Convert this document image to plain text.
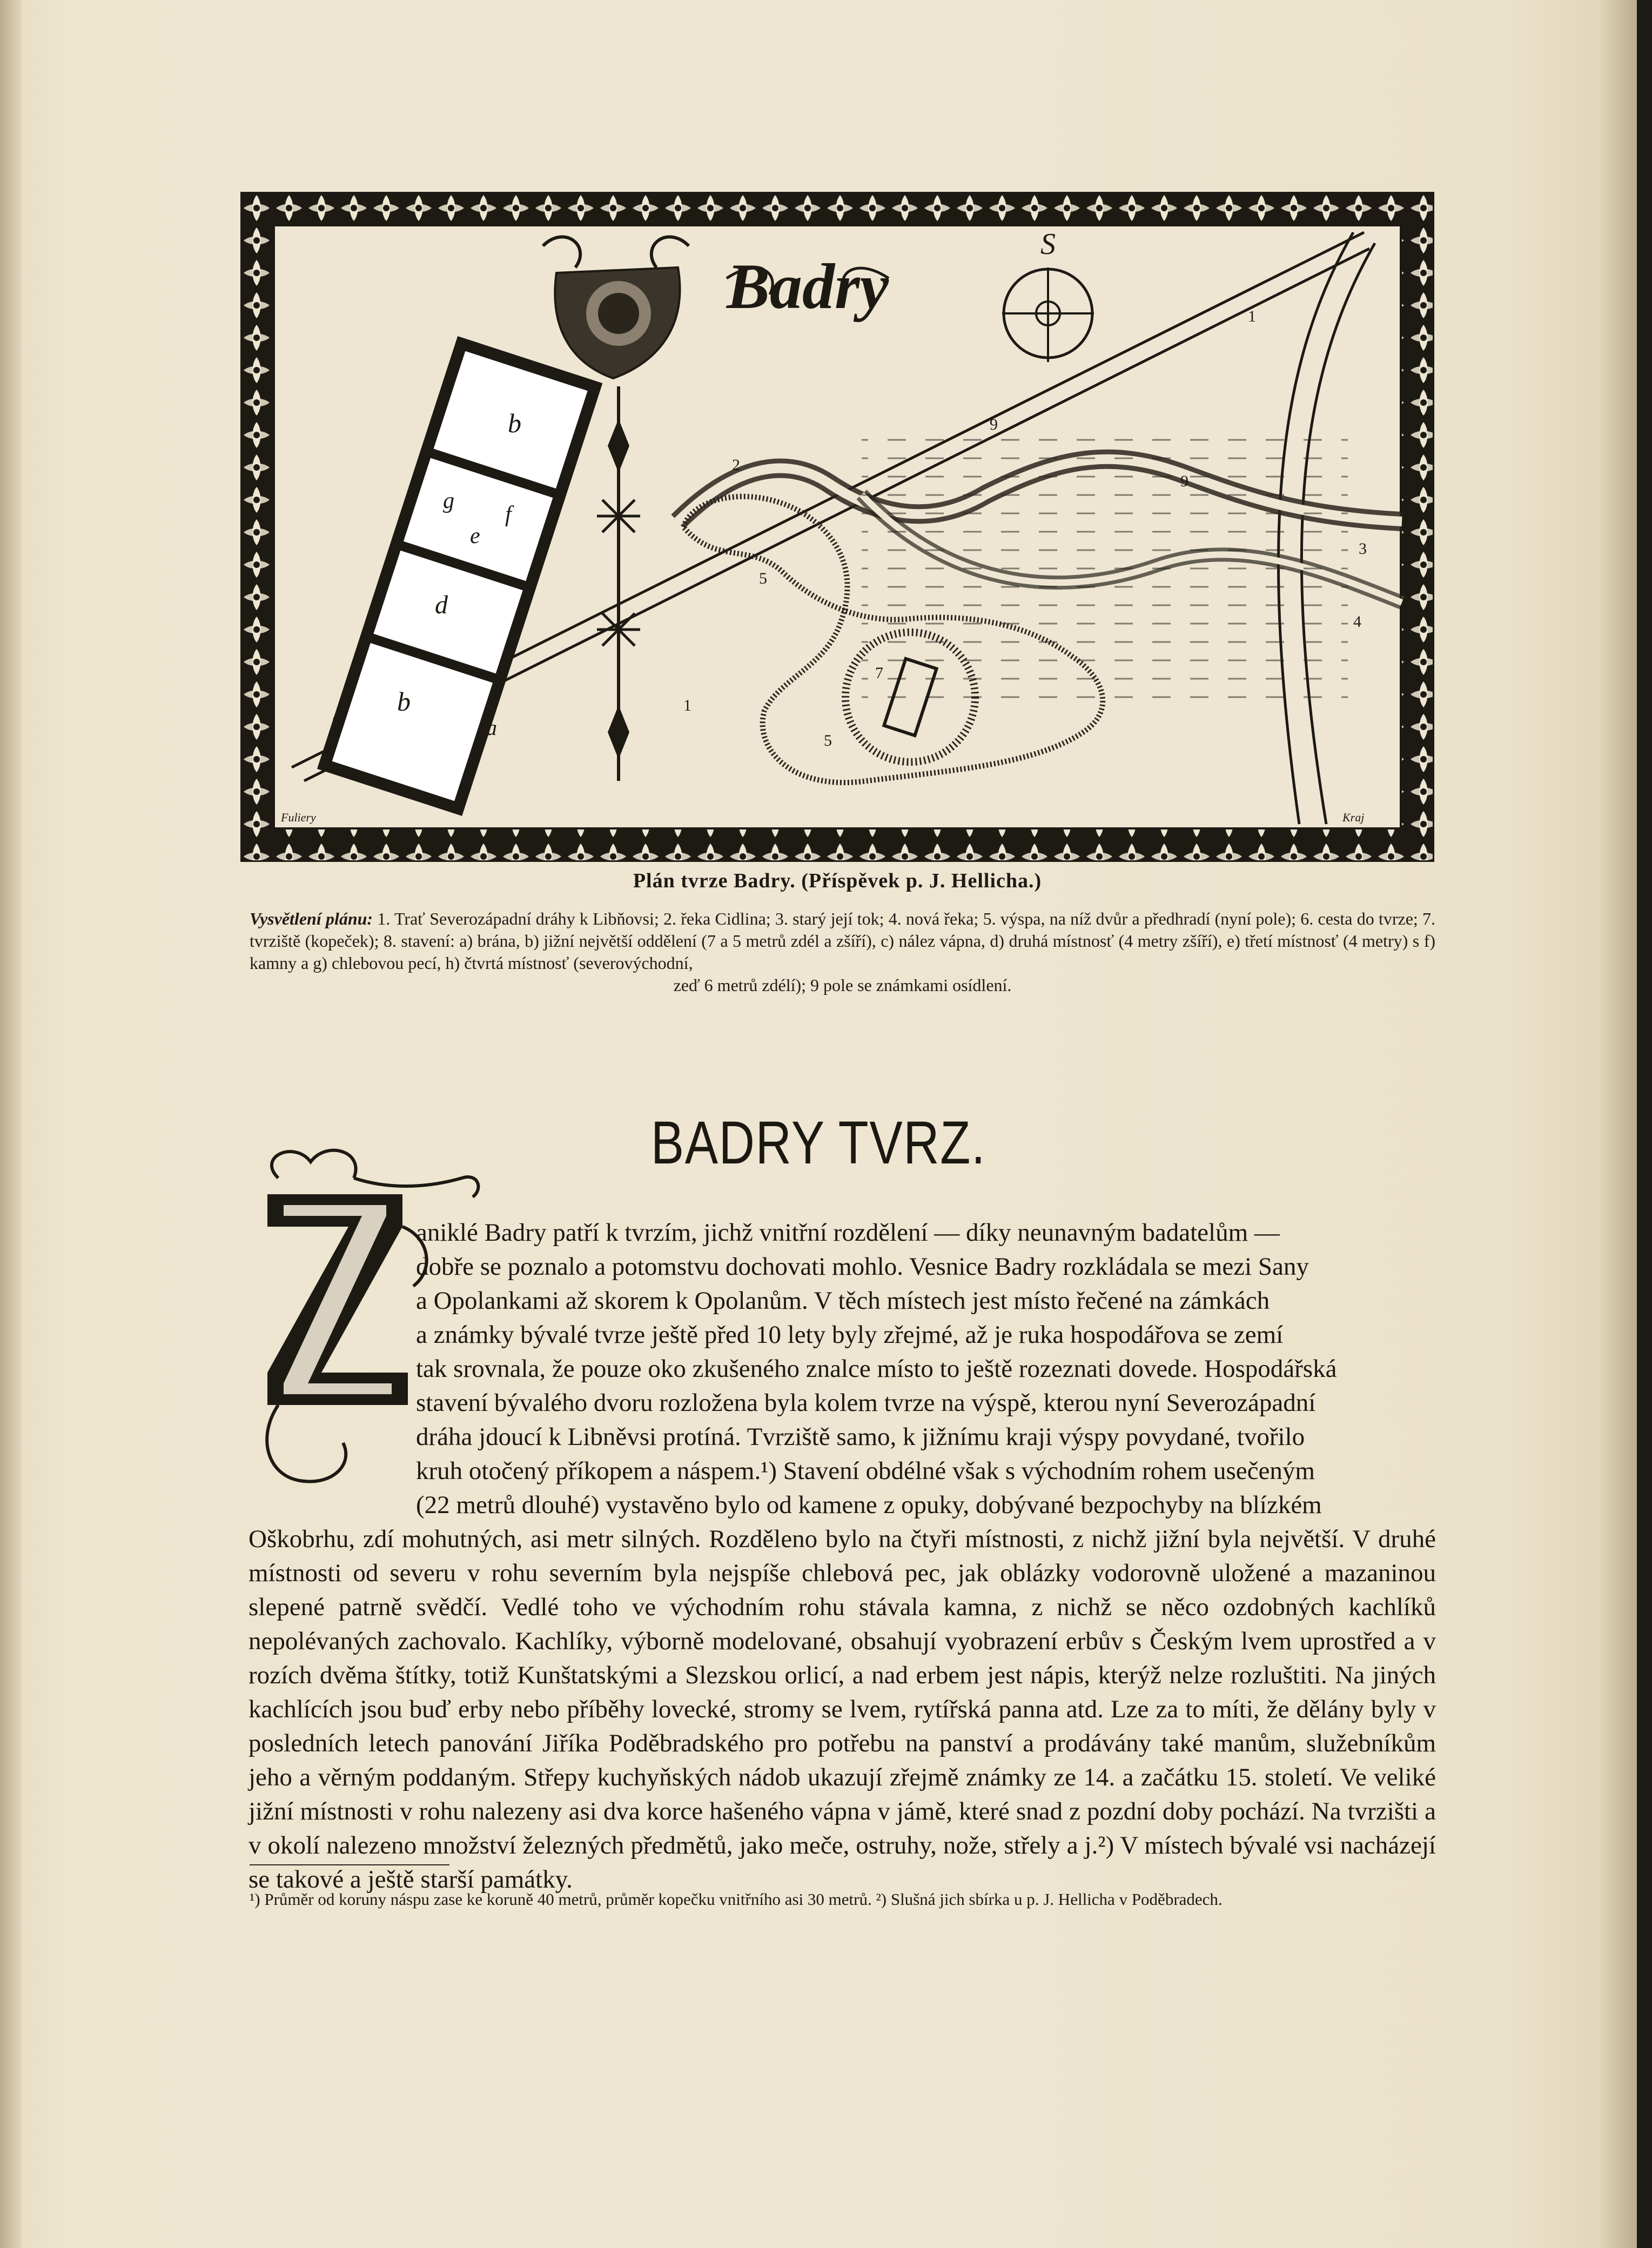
Badry
S
b
g
f
e
d
b
c	a
1
2
3
4
5
5
7
9
9
1
Fuliery	Kraj
Plán tvrze Badry. (Příspěvek p. J. Hellicha.)
Vysvětlení plánu: 1. Trať Severozápadní dráhy k Libňovsi; 2. řeka Cidlina; 3. starý její tok; 4. nová řeka; 5. výspa, na níž dvůr a předhradí (nyní pole); 6. cesta do tvrze; 7. tvrziště (kopeček); 8. stavení: a) brána, b) jižní největší oddělení (7 a 5 metrů zdél a zšíří), c) nález vápna, d) druhá místnosť (4 metry zšíří), e) třetí místnosť (4 metry) s f) kamny a g) chlebovou pecí, h) čtvrtá místnosť (severovýchodní,
zeď 6 metrů zdélí); 9 pole se známkami osídlení.
BADRY TVRZ.

aniklé Badry patří k tvrzím, jichž vnitřní rozdělení — díky neunavným badatelům —
dobře se poznalo a potomstvu dochovati mohlo. Vesnice Badry rozkládala se mezi Sany
a Opolankami až skorem k Opolanům. V těch místech jest místo řečené na zámkách
a známky bývalé tvrze ještě před 10 lety byly zřejmé, až je ruka hospodářova se zemí
tak srovnala, že pouze oko zkušeného znalce místo to ještě rozeznati dovede. Hospodářská
stavení bývalého dvoru rozložena byla kolem tvrze na výspě, kterou nyní Severozápadní
dráha jdoucí k Libněvsi protíná. Tvrziště samo, k jižnímu kraji výspy povydané, tvořilo
kruh otočený příkopem a náspem.¹) Stavení obdélné však s východním rohem usečeným
(22 metrů dlouhé) vystavěno bylo od kamene z opuky, dobývané bezpochyby na blízkém
Oškobrhu, zdí mohutných, asi metr silných. Rozděleno bylo na čtyři místnosti, z nichž jižní byla největší. V druhé místnosti od severu v rohu severním byla nejspíše chlebová pec, jak oblázky vodorovně uložené a mazaninou slepené patrně svědčí. Vedlé toho ve východním rohu stávala kamna, z nichž se něco ozdobných kachlíků nepolévaných zachovalo. Kachlíky, výborně modelované, obsahují vyobrazení erbův s Českým lvem uprostřed a v rozích dvěma štítky, totiž Kunštatskými a Slezskou orlicí, a nad erbem jest nápis, kterýž nelze rozluštiti. Na jiných kachlících jsou buď erby nebo příběhy lovecké, stromy se lvem, rytířská panna atd. Lze za to míti, že dělány byly v posledních letech panování Jiříka Poděbradského pro potřebu na panství a prodávány také manům, služebníkům jeho a věrným poddaným. Střepy kuchyňských nádob ukazují zřejmě známky ze 14. a začátku 15. století. Ve veliké jižní místnosti v rohu nalezeny asi dva korce hašeného vápna v jámě, které snad z pozdní doby pochází. Na tvrzišti a v okolí nalezeno množství železných předmětů, jako meče, ostruhy, nože, střely a j.²) V místech bývalé vsi nacházejí se takové a ještě starší památky.

¹) Průměr od koruny náspu zase ke koruně 40 metrů, průměr kopečku vnitřního asi 30 metrů. ²) Slušná jich sbírka u p. J. Hellicha v Poděbradech.
